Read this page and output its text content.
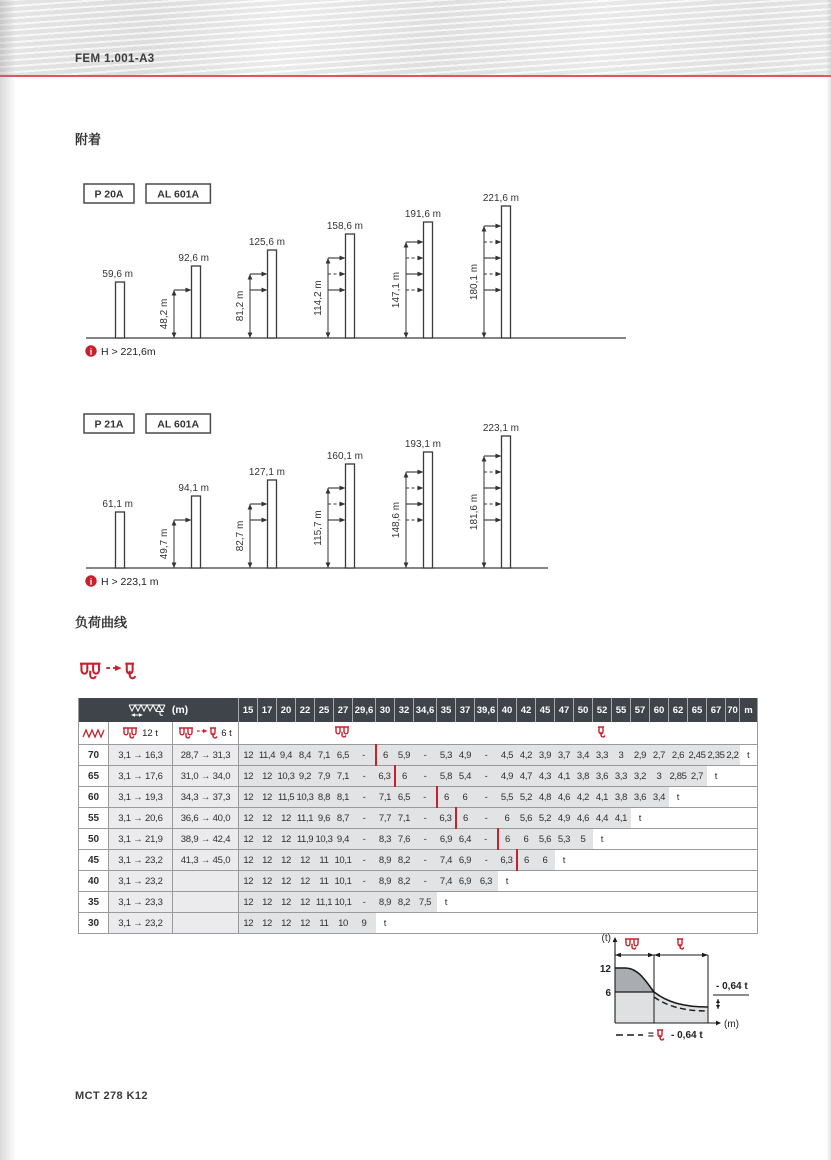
FEM 1.001-A3
附着
59,6 m
92,6 m
48,2 m
125,6 m
81,2 m
158,6 m
114,2 m
191,6 m
147,1 m
221,6 m
180,1 m
P 20A	AL 601A
i H > 221,6m
61,1 m
94,1 m
49,7 m
127,1 m
82,7 m
160,1 m
115,7 m
193,1 m
148,6 m
223,1 m
181,6 m
P 21A	AL 601A
i H > 223,1 m
负荷曲线
(m)			15	17	20	22	25	27	29,6	30	32	34,6	35	37	39,6	40	42	45	47	50	52	55	57	60	62	65	67	70	m

12 t	6 t

70	3,1 → 16,3	28,7 → 31,3	12	11,4	9,4	8,4	7,1	6,5	-	6	5,9	-	5,3	4,9	-	4,5	4,2	3,9	3,7	3,4	3,3	3	2,9	2,7	2,6	2,45	2,35	2,2	t
65	3,1 → 17,6	31,0 → 34,0	12	12	10,3	9,2	7,9	7,1	-	6,3	6	-	5,8	5,4	-	4,9	4,7	4,3	4,1	3,8	3,6	3,3	3,2	3	2,85	2,7	t		
60	3,1 → 19,3	34,3 → 37,3	12	12	11,5	10,3	8,8	8,1	-	7,1	6,5	-	6	6	-	5,5	5,2	4,8	4,6	4,2	4,1	3,8	3,6	3,4	t				
55	3,1 → 20,6	36,6 → 40,0	12	12	12	11,1	9,6	8,7	-	7,7	7,1	-	6,3	6	-	6	5,6	5,2	4,9	4,6	4,4	4,1	t						
50	3,1 → 21,9	38,9 → 42,4	12	12	12	11,9	10,3	9,4	-	8,3	7,6	-	6,9	6,4	-	6	6	5,6	5,3	5	t								
45	3,1 → 23,2	41,3 → 45,0	12	12	12	12	11	10,1	-	8,9	8,2	-	7,4	6,9	-	6,3	6	6	t										
40	3,1 → 23,2		12	12	12	12	11	10,1	-	8,9	8,2	-	7,4	6,9	6,3	t													
35	3,1 → 23,3		12	12	12	12	11,1	10,1	-	8,9	8,2	7,5	t																
30	3,1 → 23,2		12	12	12	12	11	10	9	t																			
- 0,64 t
(t)
12
6
(m)
= - 0,64 t
MCT 278 K12
